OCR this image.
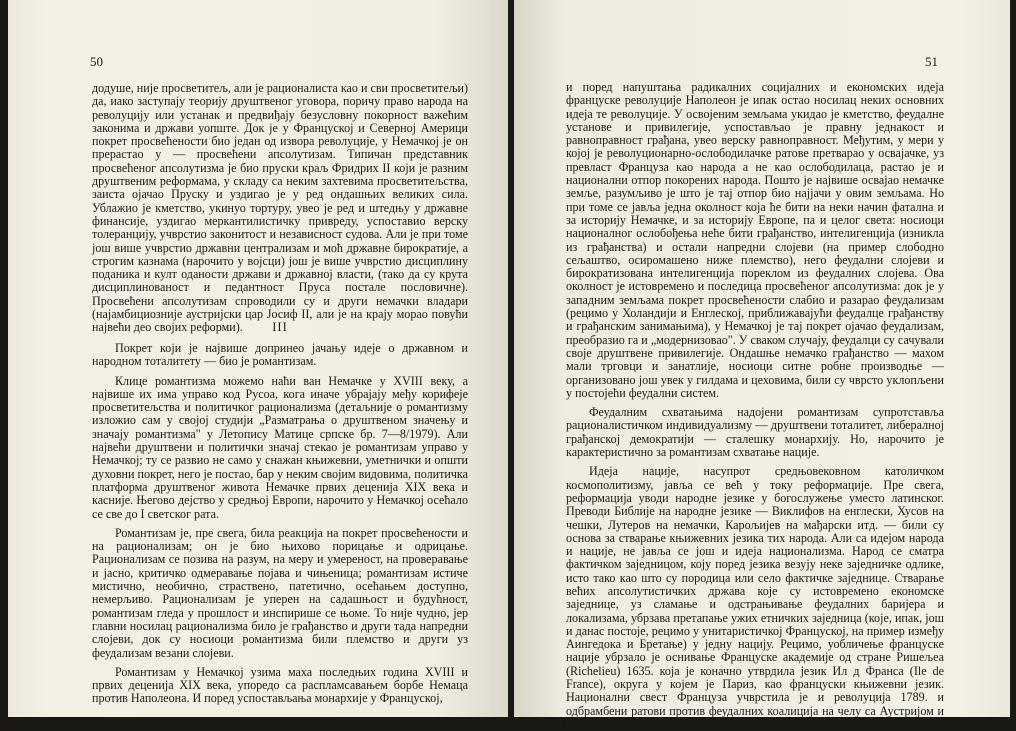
50

додуше, није просветитељ, али је рационалиста као и сви просветитељи) да, иако заступају теорију друштвеног уговора, поричу право народа на револуцију или устанак и предвиђају безусловну покорност важећим законима и држави уопште. Док је у Француској и Северној Америци покрет просвећености био један од извора револуције, у Немачкој је он прерастао у — просвећени апсолутизам. Типичан представник просвећеног апсолутизма је био пруски краљ Фридрих II који је разним друштвеним реформама, у складу са неким захтевима просветитељства, заиста ојачао Пруску и уздигао је у ред ондашњих великих сила. Ублажио је кметство, укинуо тортуру, увео је ред и штедњу у државне финансије, уздигао меркантилистичку привреду, успоставио верску толеранцију, учврстио законитост и независност судова. Али је при томе још више учврстио државни централизам и моћ државне бирократије, а строгим казнама (нарочито у војсци) још је више учврстио дисциплину поданика и култ оданости држави и државној власти, (тако да су крута дисциплинованост и педантност Пруса постале пословичне). Просвећени апсолутизам спроводили су и други немачки владари (најамбициозније аустријски цар Јосиф II, али је на крају морао повући највећи део својих реформи).	III

Покрет који је највише допринео јачању идеје о државном и народном тоталитету — био је романтизам.

Клице романтизма можемо наћи ван Немачке у XVIII веку, а највише их има управо код Русоа, кога иначе убрајају међу корифеје просветитељства и политичког рационализма (детаљније о романтизму изложио сам у својој студији „Разматрања о друштвеном значењу и значају романтизма" у Летопису Матице српске бр. 7—8/1979). Али највећи друштвени и политички значај стекао је романтизам управо у Немачкој; ту се развио не само у снажан књижевни, уметнички и општи духовни покрет, него је постао, бар у неким својим видовима, политичка платформа друштвеног живота Немачке првих деценија XIX века и касније. Његово дејство у средњој Европи, нарочито у Немачкој осећало се све до I светског рата.

Романтизам је, пре свега, била реакција на покрет просвећености и на рационализам; он је био њихово порицање и одрицање. Рационализам се позива на разум, на меру и умереност, на проверавање и јасно, критичко одмеравање појава и чињеница; романтизам истиче мистично, необично, страствено, патетично, осећањем доступно, немерљиво. Рационализам је уперен на садашњост и будућност, романтизам гледа у прошлост и инспирише се њоме. То није чудно, јер главни носилац рационализма било је грађанство и други тада напредни слојеви, док су носиоци романтизма били племство и други уз феудализам везани слојеви.

Романтизам у Немачкој узима маха последњих година XVIII и првих деценија XIX века, упоредо са распламсавањем борбе Немаца против Наполеона. И поред успостављања монархије у Француској,

51

и поред напуштања радикалних социјалних и економских идеја француске револуције Наполеон је ипак остао носилац неких основних идеја те револуције. У освојеним земљама укидао је кметство, феудалне установе и привилегије, успостављао је правну једнакост и равноправност грађана, увео верску равноправност. Међутим, у мери у којој је револуционарно-ослободилачке ратове претварао у освајачке, уз превласт Француза као народа а не као ослободилаца, растао је и национални отпор покорених народа. Пошто је највише освајао немачке земље, разумљиво је што је тај отпор био најјачи у овим земљама. Но при томе се јавља једна околност која ће бити на неки начин фатална и за историју Немачке, и за историју Европе, па и целог света: носиоци националног ослобођења неће бити грађанство, интелигенција (изникла из грађанства) и остали напредни слојеви (на пример слободно сељаштво, осиромашено ниже племство), него феудални слојеви и бирократизована интелигенција пореклом из феудалних слојева. Ова околност је истовремено и последица просвећеног апсолутизма: док је у западним земљама покрет просвећености слабио и разарао феудализам (рецимо у Холандији и Енглеској, приближавајући феудалце грађанству и грађанским занимањима), у Немачкој је тај покрет ојачао феудализам, преобразио га и „модернизовао". У сваком случају, феудалци су сачували своје друштвене привилегије. Ондашње немачко грађанство — махом мали трговци и занатлије, носиоци ситне робне производње — организовано још увек у гилдама и цеховима, били су чврсто уклопљени у постојећи феудални систем.

Феудалним схватањима надојени романтизам супротставља рационалистичком индивидуализму — друштвени тоталитет, либералној грађанској демократији — сталешку монархију. Но, нарочито је карактеристично за романтизам схватање нације.

Идеја нације, насупрот средњовековном католичком космополитизму, јавља се већ у току реформације. Пре свега, реформација уводи народне језике у богослужење уместо латинског. Преводи Библије на народне језике — Виклифов на енглески, Хусов на чешки, Лутеров на немачки, Карољијев на мађарски итд. — били су основа за стварање књижевних језика тих народа. Али са идејом народа и нације, не јавља се још и идеја национализма. Народ се сматра фактичком заједницом, коју поред језика везују неке заједничке одлике, исто тако као што су породица или село фактичке заједнице. Стварање већих апсолутистичких држава које су истовремено економске заједнице, уз сламање и одстрањивање феудалних баријера и локализама, убрзава претапање ужих етничких заједница (које, ипак, још и данас постоје, рецимо у унитаристичкој Француској, на пример између Аингедока и Бретање) у једну нацију. Рецимо, уобличење француске нације убрзало је оснивање Француске академије од стране Ришељеа (Richelieu) 1635. која је коначно утврдила језик Ил д Франса (Ile de France), округа у којем је Париз, као француски књижевни језик. Национални свест Француза учврстила је и револуција 1789. и одбрамбени ратови против феудалних коалиција на челу са Аустријом и Пруском. Но, Французи у револуцији, у складу са рацио-
